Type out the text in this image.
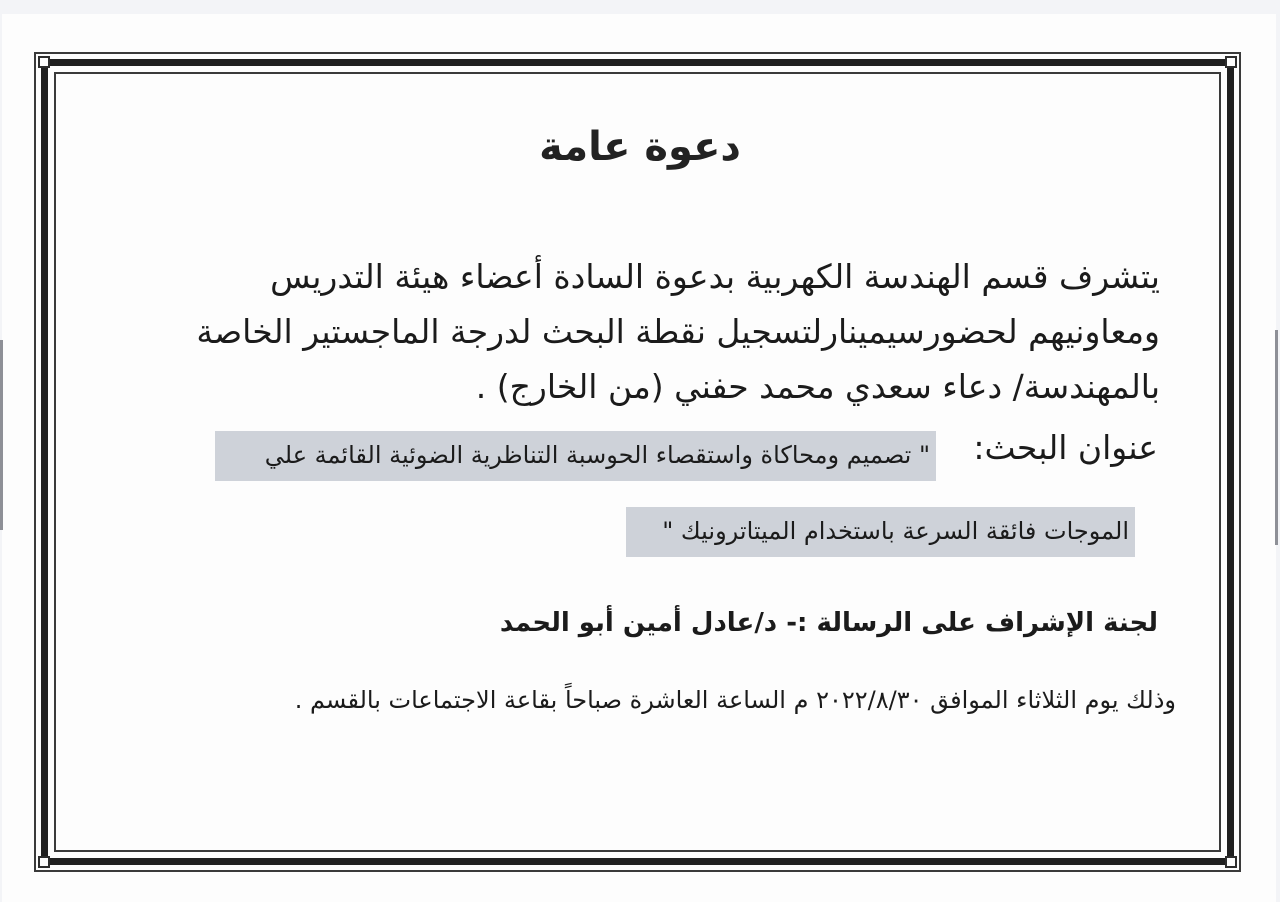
دعوة عامة
يتشرف قسم الهندسة الكهربية بدعوة السادة أعضاء هيئة التدريس
ومعاونيهم لحضورسيمينارلتسجيل نقطة البحث لدرجة الماجستير الخاصة
بالمهندسة/ دعاء سعدي محمد حفني (من الخارج) .
عنوان البحث:
" تصميم ومحاكاة واستقصاء الحوسبة التناظرية الضوئية القائمة علي
الموجات فائقة السرعة باستخدام الميتاترونيك "
لجنة الإشراف على الرسالة :- د/عادل أمين أبو الحمد
وذلك يوم الثلاثاء الموافق ٢٠٢٢/٨/٣٠ م الساعة العاشرة صباحاً بقاعة الاجتماعات بالقسم .
